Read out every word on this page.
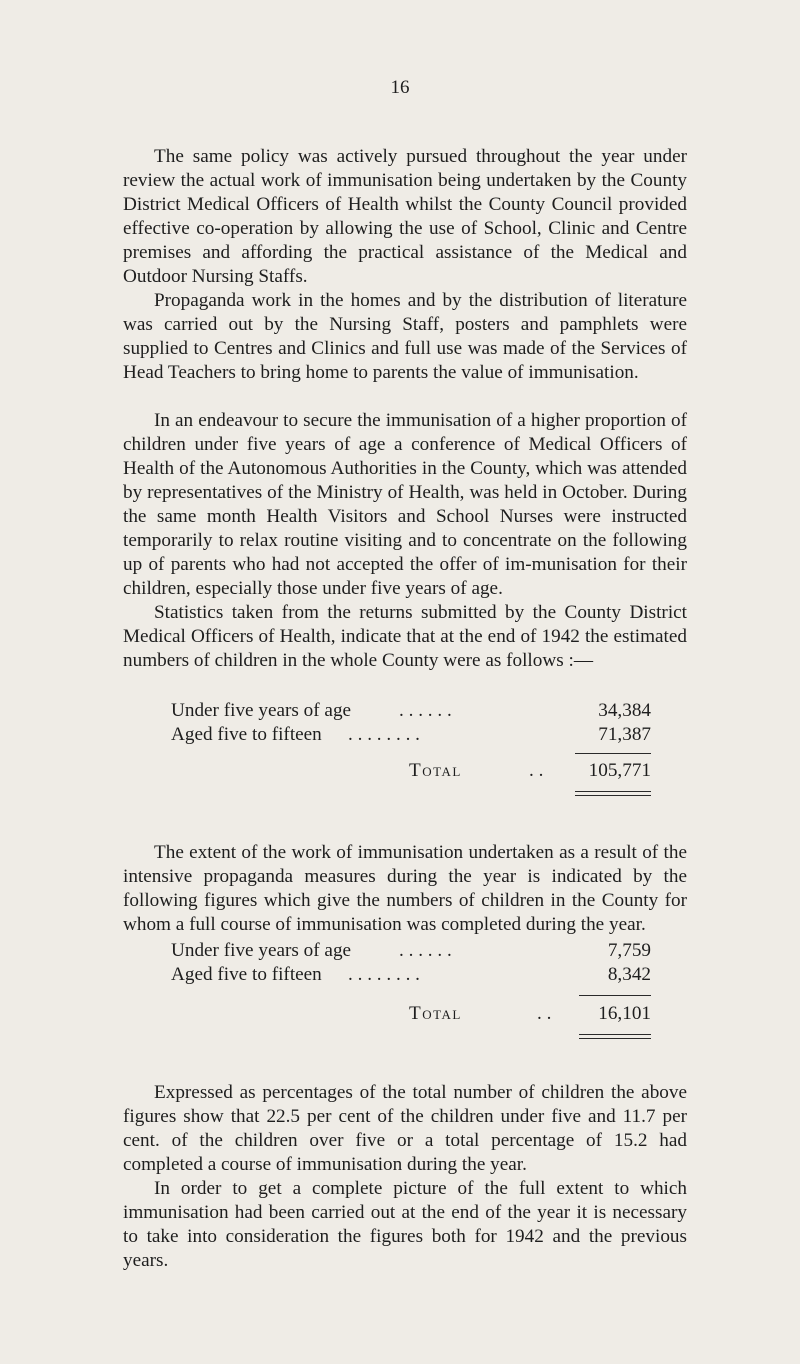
16

The same policy was actively pursued throughout the year under review the actual work of immunisation being undertaken by the County District Medical Officers of Health whilst the County Council provided effective co-operation by allowing the use of School, Clinic and Centre premises and affording the practical assistance of the Medical and Outdoor Nursing Staffs.

Propaganda work in the homes and by the distribution of literature was carried out by the Nursing Staff, posters and pamphlets were supplied to Centres and Clinics and full use was made of the Services of Head Teachers to bring home to parents the value of immunisation.

In an endeavour to secure the immunisation of a higher proportion of children under five years of age a conference of Medical Officers of Health of the Autonomous Authorities in the County, which was attended by representatives of the Ministry of Health, was held in October. During the same month Health Visitors and School Nurses were instructed temporarily to relax routine visiting and to concentrate on the following up of parents who had not accepted the offer of im-munisation for their children, especially those under five years of age.

Statistics taken from the returns submitted by the County District Medical Officers of Health, indicate that at the end of 1942 the estimated numbers of children in the whole County were as follows :—

Under five years of age . . . . . .	34,384
Aged five to fifteen . . . . . . . .	71,387
Total	. . 105,771

The extent of the work of immunisation undertaken as a result of the intensive propaganda measures during the year is indicated by the following figures which give the numbers of children in the County for whom a full course of immunisation was completed during the year.

Under five years of age . . . . . .	7,759
Aged five to fifteen . . . . . . . .	8,342
Total	. . 16,101

Expressed as percentages of the total number of children the above figures show that 22.5 per cent of the children under five and 11.7 per cent. of the children over five or a total percentage of 15.2 had completed a course of immunisation during the year.

In order to get a complete picture of the full extent to which immunisation had been carried out at the end of the year it is necessary to take into consideration the figures both for 1942 and the previous years.
